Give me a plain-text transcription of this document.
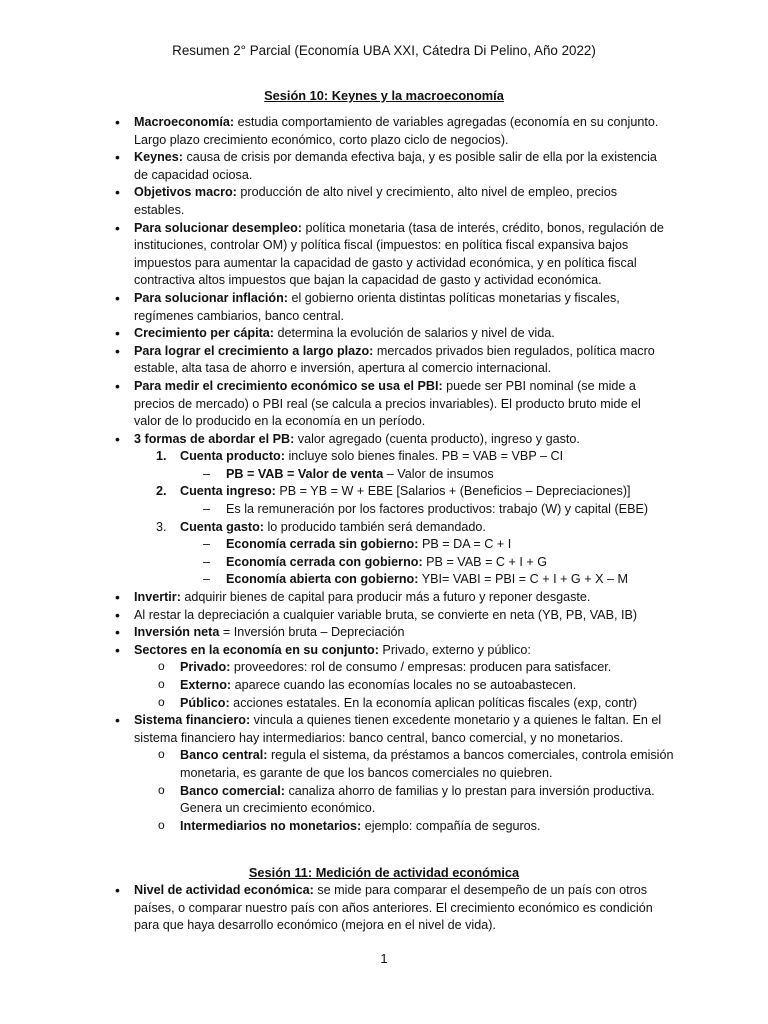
Resumen 2° Parcial (Economía UBA XXI, Cátedra Di Pelino, Año 2022)
Sesión 10: Keynes y la macroeconomía
• Macroeconomía: estudia comportamiento de variables agregadas (economía en su conjunto. Largo plazo crecimiento económico, corto plazo ciclo de negocios).
• Keynes: causa de crisis por demanda efectiva baja, y es posible salir de ella por la existencia de capacidad ociosa.
• Objetivos macro: producción de alto nivel y crecimiento, alto nivel de empleo, precios estables.
• Para solucionar desempleo: política monetaria (tasa de interés, crédito, bonos, regulación de instituciones, controlar OM) y política fiscal (impuestos: en política fiscal expansiva bajos impuestos para aumentar la capacidad de gasto y actividad económica, y en política fiscal contractiva altos impuestos que bajan la capacidad de gasto y actividad económica.
• Para solucionar inflación: el gobierno orienta distintas políticas monetarias y fiscales, regímenes cambiarios, banco central.
• Crecimiento per cápita: determina la evolución de salarios y nivel de vida.
• Para lograr el crecimiento a largo plazo: mercados privados bien regulados, política macro estable, alta tasa de ahorro e inversión, apertura al comercio internacional.
• Para medir el crecimiento económico se usa el PBI: puede ser PBI nominal (se mide a precios de mercado) o PBI real (se calcula a precios invariables). El producto bruto mide el valor de lo producido en la economía en un período.
• 3 formas de abordar el PB: valor agregado (cuenta producto), ingreso y gasto.
1. Cuenta producto: incluye solo bienes finales. PB = VAB = VBP – CI
– PB = VAB = Valor de venta – Valor de insumos
2. Cuenta ingreso: PB = YB = W + EBE [Salarios + (Beneficios – Depreciaciones)]
– Es la remuneración por los factores productivos: trabajo (W) y capital (EBE)
3. Cuenta gasto: lo producido también será demandado.
– Economía cerrada sin gobierno: PB = DA = C + I
– Economía cerrada con gobierno: PB = VAB = C + I + G
– Economía abierta con gobierno: YBI= VABI = PBI = C + I + G + X – M
• Invertir: adquirir bienes de capital para producir más a futuro y reponer desgaste.
• Al restar la depreciación a cualquier variable bruta, se convierte en neta (YB, PB, VAB, IB)
• Inversión neta = Inversión bruta – Depreciación
• Sectores en la economía en su conjunto: Privado, externo y público:
o Privado: proveedores: rol de consumo / empresas: producen para satisfacer.
o Externo: aparece cuando las economías locales no se autoabastecen.
o Público: acciones estatales. En la economía aplican políticas fiscales (exp, contr)
• Sistema financiero: vincula a quienes tienen excedente monetario y a quienes le faltan. En el sistema financiero hay intermediarios: banco central, banco comercial, y no monetarios.
o Banco central: regula el sistema, da préstamos a bancos comerciales, controla emisión monetaria, es garante de que los bancos comerciales no quiebren.
o Banco comercial: canaliza ahorro de familias y lo prestan para inversión productiva. Genera un crecimiento económico.
o Intermediarios no monetarios: ejemplo: compañía de seguros.
Sesión 11: Medición de actividad económica
• Nivel de actividad económica: se mide para comparar el desempeño de un país con otros países, o comparar nuestro país con años anteriores. El crecimiento económico es condición para que haya desarrollo económico (mejora en el nivel de vida).
1
